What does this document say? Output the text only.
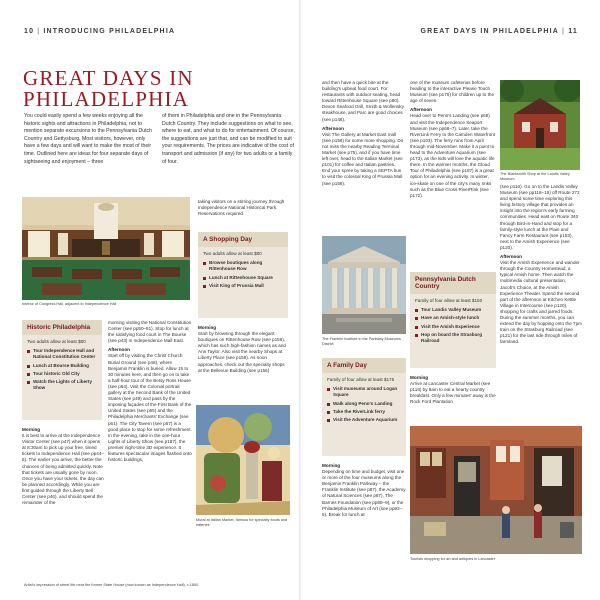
10 | INTRODUCING PHILADELPHIA
GREAT DAYS IN
PHILADELPHIA
You could easily spend a few weeks enjoying all the historic sights and attractions in Philadelphia, not to mention separate excursions to the Pennsylvania Dutch Country and Gettysburg. Most visitors, however, only have a few days and will want to make the most of their time. Outlined here are ideas for four separate days of sightseeing and enjoyment – three
of them in Philadelphia and one in the Pennsylvania Dutch Country. They include suggestions on what to see, where to eat, and what to do for entertainment. Of course, the suggestions are just that, and can be modified to suit your requirements. The prices are indicative of the cost of transport and admission (if any) for two adults or a family of four.
Interior of Congress Hall, adjacent to Independence Hall
Historic Philadelphia
Two adults allow at least $60
Tour Independence Hall and National Constitution Center
Lunch at Bourse Building
Tour historic Old City
Watch the Lights of Liberty Show
Morning

It is best to arrive at the Independence Visitor Center (see p47) when it opens at 8:30am to pick up your free, timed tickets to Independence Hall (see pp44–5). The earlier you arrive, the better the chances of being admitted quickly. Note that tickets are usually gone by noon. Once you have your tickets, the day can be planned accordingly. While you are first guided through the Liberty Bell Center (see p46), and should spend the remainder of the

morning visiting the National Constitution Center (see pp50–51). Stop for lunch at the satisfying food court in The Bourse (see p43) in Independence Mall East.

Afternoon

Start off by visiting the Christ Church Burial Ground (see p48), where Benjamin Franklin is buried. Allow 15 to 30 minutes here, and then go on to take a half-hour tour of the Betsy Ross House (see p64). Visit the Colonial portrait gallery at the Second Bank of the United States (see p49) and pass by the imposing façades of the First Bank of the United States (see p55) and the Philadelphia Merchants' Exchange (see p51). The City Tavern (see p57) is a good place to stop for some refreshment. In the evening, take in the one-hour Lights of Liberty Show (see p187), the premier night-time 3D experience. It features spectacular images flashed onto historic buildings,

taking visitors on a stirring journey through Independence National Historical Park. Reservations required.
A Shopping Day
Two adults allow at least $80
Browse boutiques along Rittenhouse Row
Lunch at Rittenhouse Square
Visit King of Prussia Mall
Morning

Start by browsing through the elegant boutiques on Rittenhouse Row (see p156), which has such high-fashion names as and Ann Taylor. Also visit the nearby Shops at Liberty Place (see p158). As noon approaches, check out the specialty shops at the Bellevue Building (see p156)

Mural at Italian Market, famous for specialty foods and eateries
Artist's impression of street life near the former State House (now known as Independence Hall), c.1800
GREAT DAYS IN PHILADELPHIA | 11

and then have a quick bite at the building's upbeat food court. For restaurants with outdoor seating, head toward Rittenhouse Square (see p80). Devon Seafood Grill, Smith & Wollensky steakhouse, and Parc are good choices (see p148).

Afternoon

Visit The Gallery at Market East mall (see p158) for some more shopping. Do not miss the nearby Reading Terminal Market (see p75), and if you have time left over, head to the Italian Market (see p101) for coffee and Italian pastries. End your spree by taking a SEPTA bus to visit the colossal King of Prussia Mall (see p158).

The Franklin Institute in the Parkway Museums District
A Family Day
Family of four allow at least $175
Visit museums around Logan Square
Walk along Penn's Landing
Take the RiverLink ferry
Visit the Adventure Aquarium
Morning

Depending on time and budget, visit one or more of the four museums along the Benjamin Franklin Parkway – the Franklin Institute (see p87), the Academy of Natural Sciences (see p87), The Barnes Foundation (see pp88–9), or the Philadelphia Museum of Art (see pp92–5). Break for lunch at

one of the museum cafeterias before heading to the interactive Please Touch Museum (see p170) for children up to the age of seven.

Afternoon

Head over to Penn's Landing (see p68) and visit the Independence Seaport Museum (see pp66–7). Later, take the RiverLink Ferry to the Camden Waterfront (see p103). The ferry runs from April through mid-November. Make it a point to head to the Adventure Aquarium (see p173), as the kids will love the aquatic life there. In the warmer months, the Gloud Tour of Philadelphia (see p187) is a great option for an evening activity. In winter, ice-skate on one of the city's many rinks such as the Blue Cross RiverRink (see p172).

Pennsylvania Dutch Country
Family of four allow at least $150
Tour Landis Valley Museum
Have an Amish-style lunch
Visit the Amish Experience
Hop on board the Strasburg Railroad
Morning

Arrive at Lancaster Central Market (see p116) by 9am to eat a hearty country breakfast. Only a few minutes' away is the Rock Ford Plantation

The Blacksmith Shop at the Landis Valley Museum

(see p116). Go on to the Landis Valley Museum (see pp118–19) off Route 272 and spend some time exploring this living history village that provides an insight into the region's early farming communities. Head east on Route 340 through Bird-in-Hand and stop for a family-style lunch at the Plain and Fancy Farm Restaurant (see p153), next to the Amish Experience (see p120).

Afternoon

Visit the Amish Experience and wander through the Country Homestead, a typical Amish home. Then watch the multimedia cultural presentation, Jacob's Choice, at the Amish Experience Theater. Spend the second part of the afternoon at Kitchen Kettle Village in Intercourse (see p120), shopping for crafts and jarred foods. During the summer months, you can extend the day by hopping onto the 7pm train on the Strasburg Railroad (see p121) for the last ride through miles of farmland.

Tourists shopping for art and antiques in Lancaster
